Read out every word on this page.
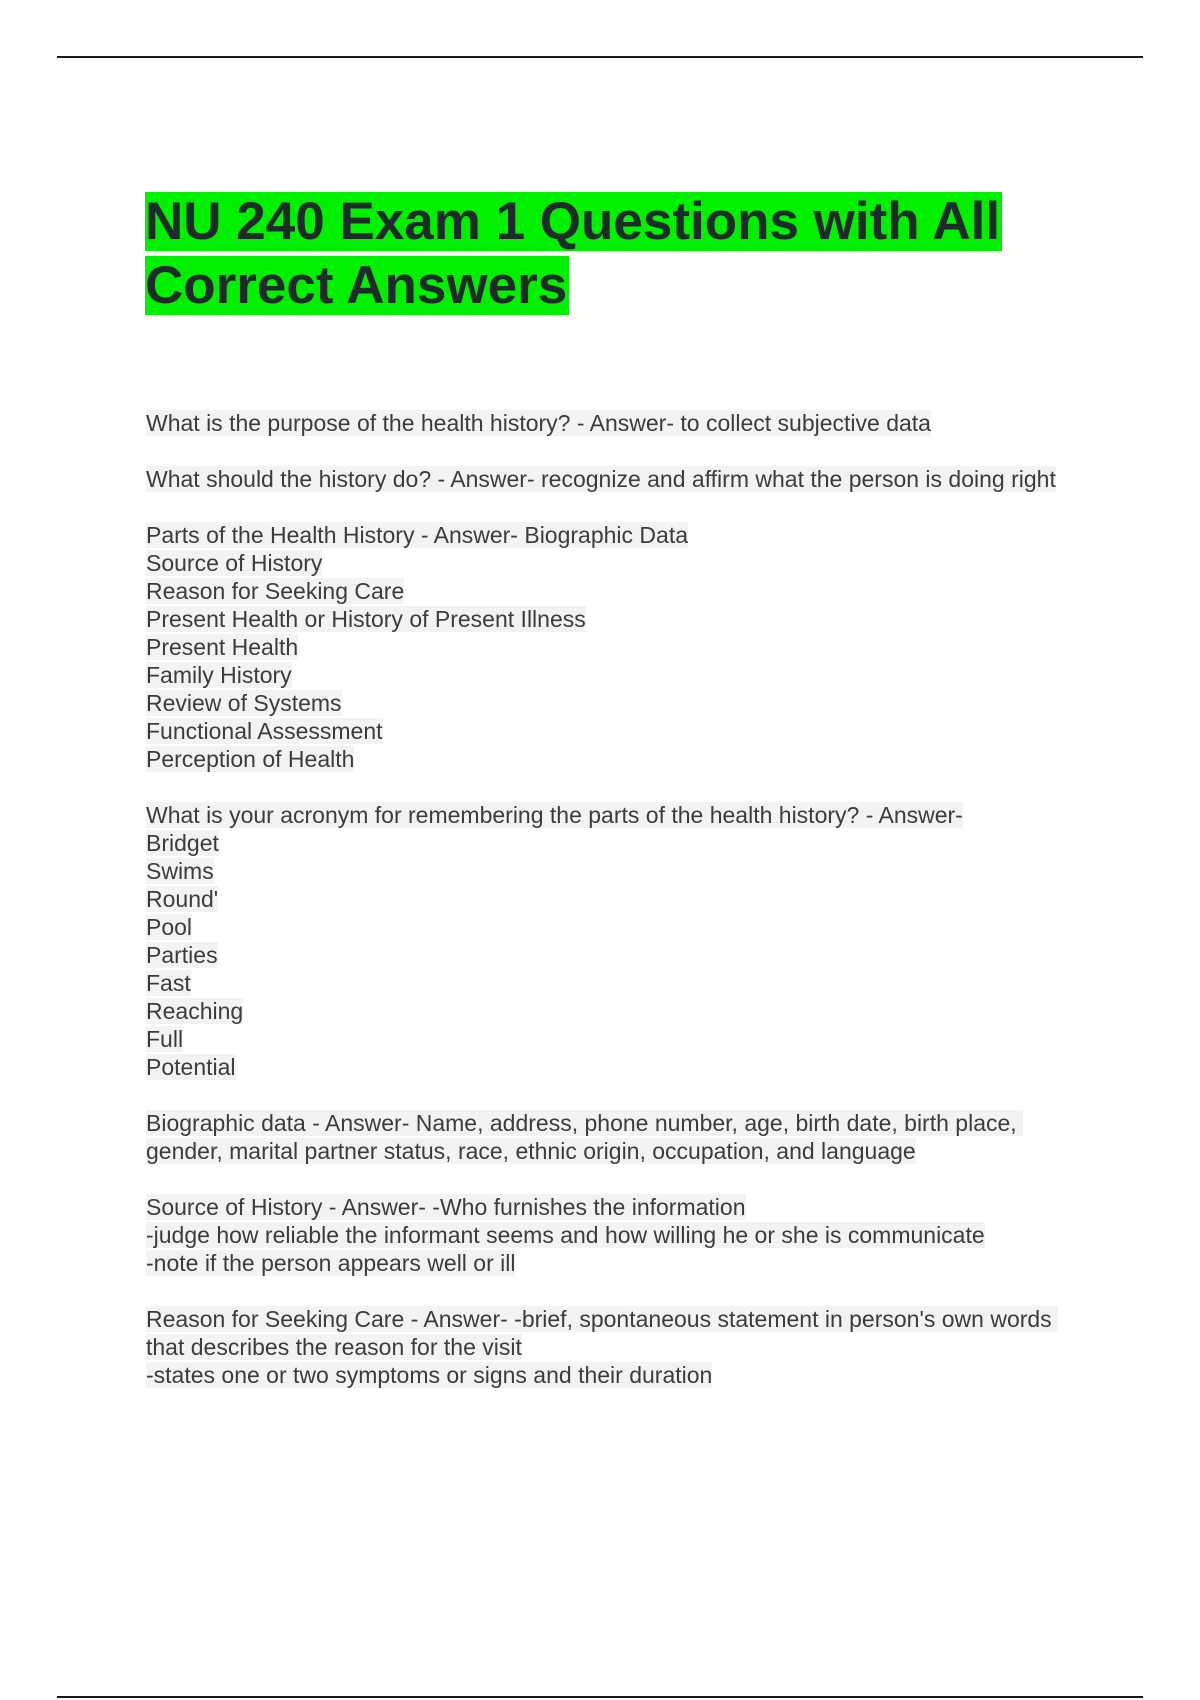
NU 240 Exam 1 Questions with All Correct Answers
What is the purpose of the health history? - Answer- to collect subjective data
What should the history do? - Answer- recognize and affirm what the person is doing right
Parts of the Health History - Answer- Biographic Data
Source of History
Reason for Seeking Care
Present Health or History of Present Illness
Present Health
Family History
Review of Systems
Functional Assessment
Perception of Health
What is your acronym for remembering the parts of the health history? - Answer-
Bridget
Swims
Round'
Pool
Parties
Fast
Reaching
Full
Potential
Biographic data - Answer- Name, address, phone number, age, birth date, birth place, gender, marital partner status, race, ethnic origin, occupation, and language
Source of History - Answer- -Who furnishes the information
-judge how reliable the informant seems and how willing he or she is communicate
-note if the person appears well or ill
Reason for Seeking Care - Answer- -brief, spontaneous statement in person's own words that describes the reason for the visit
-states one or two symptoms or signs and their duration
